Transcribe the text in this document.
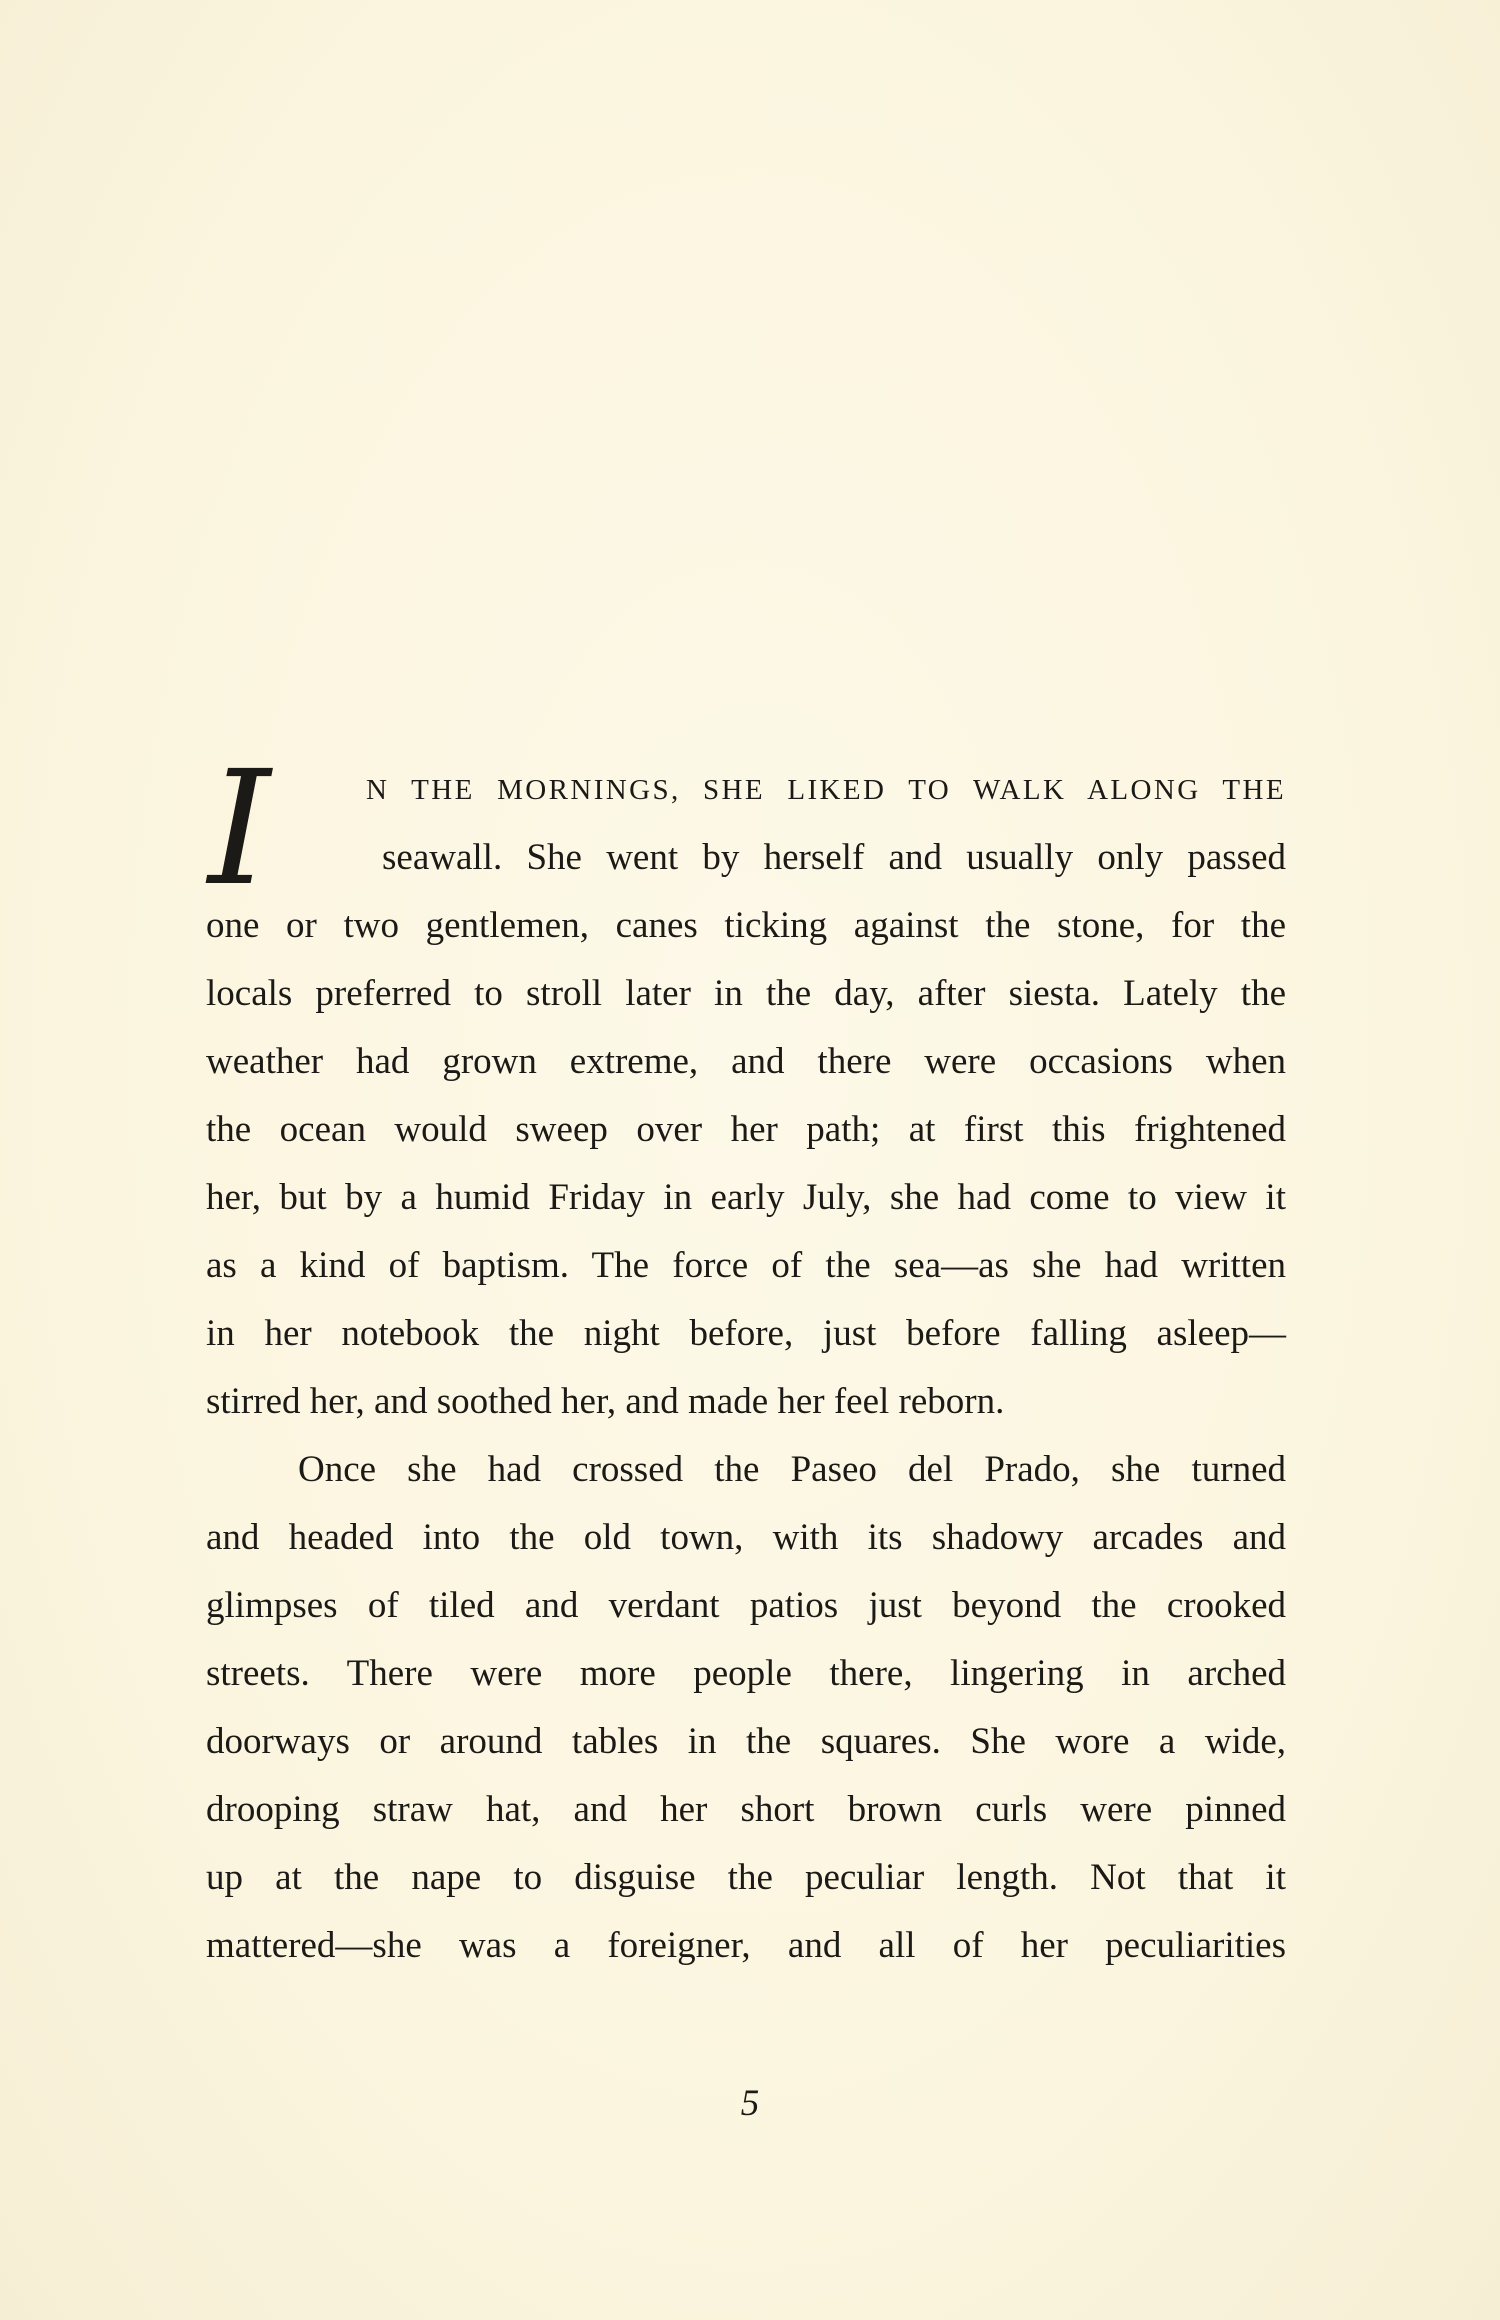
I	N THE MORNINGS, SHE LIKED TO WALK ALONG THE
seawall. She went by herself and usually only passed
one or two gentlemen, canes ticking against the stone, for the
locals preferred to stroll later in the day, after siesta. Lately the
weather had grown extreme, and there were occasions when
the ocean would sweep over her path; at first this frightened
her, but by a humid Friday in early July, she had come to view it
as a kind of baptism. The force of the sea—as she had written
in her notebook the night before, just before falling asleep—
stirred her, and soothed her, and made her feel reborn.
Once she had crossed the Paseo del Prado, she turned
and headed into the old town, with its shadowy arcades and
glimpses of tiled and verdant patios just beyond the crooked
streets. There were more people there, lingering in arched
doorways or around tables in the squares. She wore a wide,
drooping straw hat, and her short brown curls were pinned
up at the nape to disguise the peculiar length. Not that it
mattered—she was a foreigner, and all of her peculiarities
5
